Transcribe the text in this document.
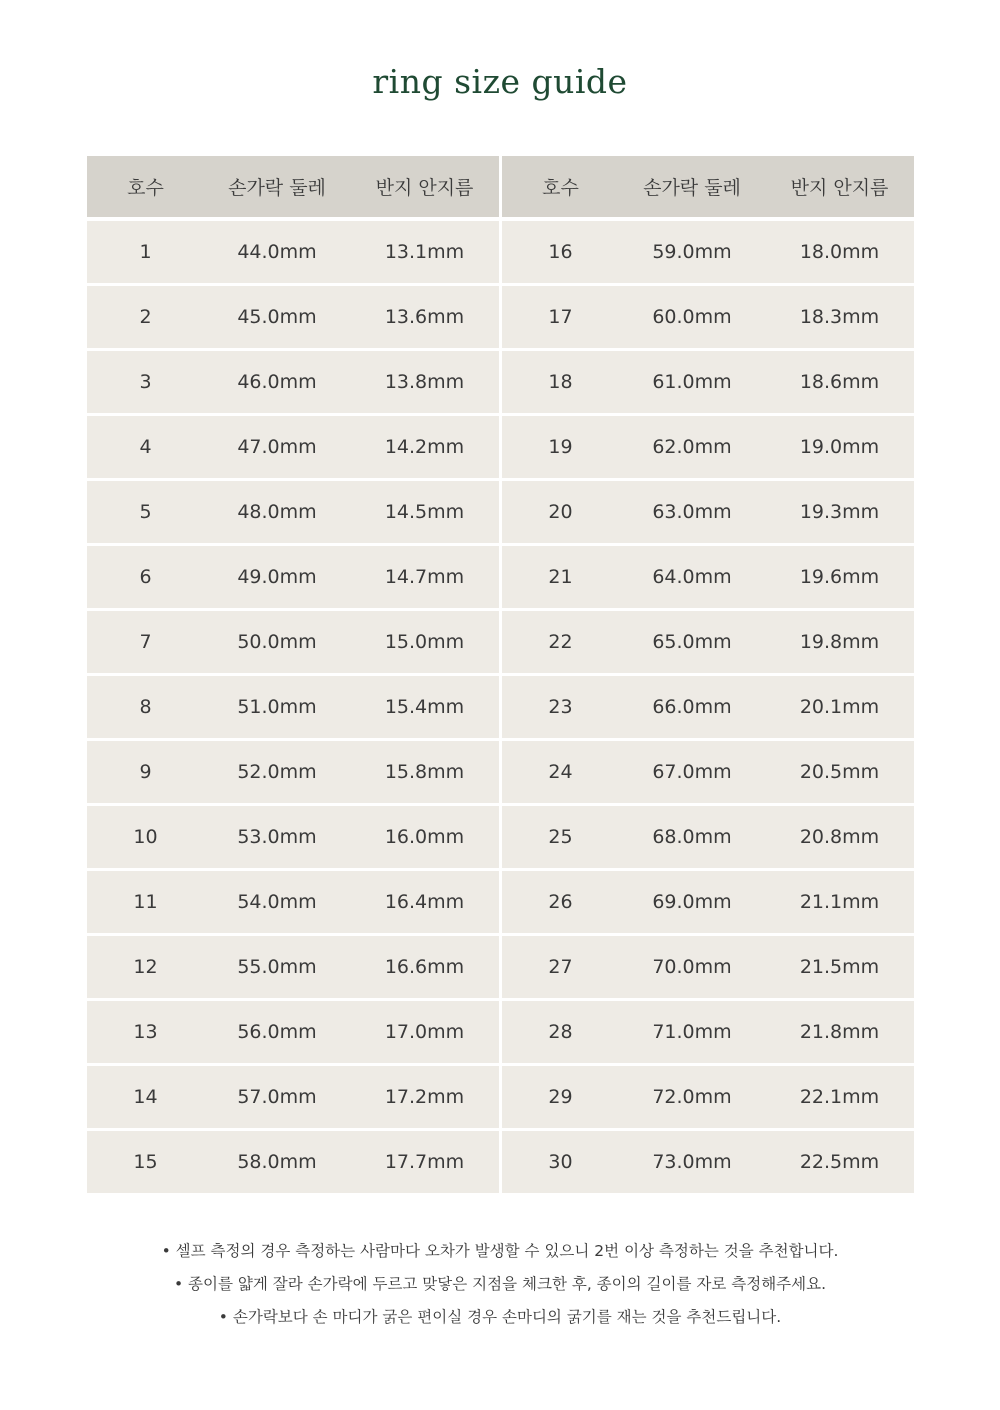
ring size guide
호수	손가락 둘레	반지 안지름	호수	손가락 둘레	반지 안지름
1	44.0mm	13.1mm	16	59.0mm	18.0mm
2	45.0mm	13.6mm	17	60.0mm	18.3mm
3	46.0mm	13.8mm	18	61.0mm	18.6mm
4	47.0mm	14.2mm	19	62.0mm	19.0mm
5	48.0mm	14.5mm	20	63.0mm	19.3mm
6	49.0mm	14.7mm	21	64.0mm	19.6mm
7	50.0mm	15.0mm	22	65.0mm	19.8mm
8	51.0mm	15.4mm	23	66.0mm	20.1mm
9	52.0mm	15.8mm	24	67.0mm	20.5mm
10	53.0mm	16.0mm	25	68.0mm	20.8mm
11	54.0mm	16.4mm	26	69.0mm	21.1mm
12	55.0mm	16.6mm	27	70.0mm	21.5mm
13	56.0mm	17.0mm	28	71.0mm	21.8mm
14	57.0mm	17.2mm	29	72.0mm	22.1mm
15	58.0mm	17.7mm	30	73.0mm	22.5mm
• 셀프 측정의 경우 측정하는 사람마다 오차가 발생할 수 있으니 2번 이상 측정하는 것을 추천합니다.
• 종이를 얇게 잘라 손가락에 두르고 맞닿은 지점을 체크한 후, 종이의 길이를 자로 측정해주세요.
• 손가락보다 손 마디가 굵은 편이실 경우 손마디의 굵기를 재는 것을 추천드립니다.
